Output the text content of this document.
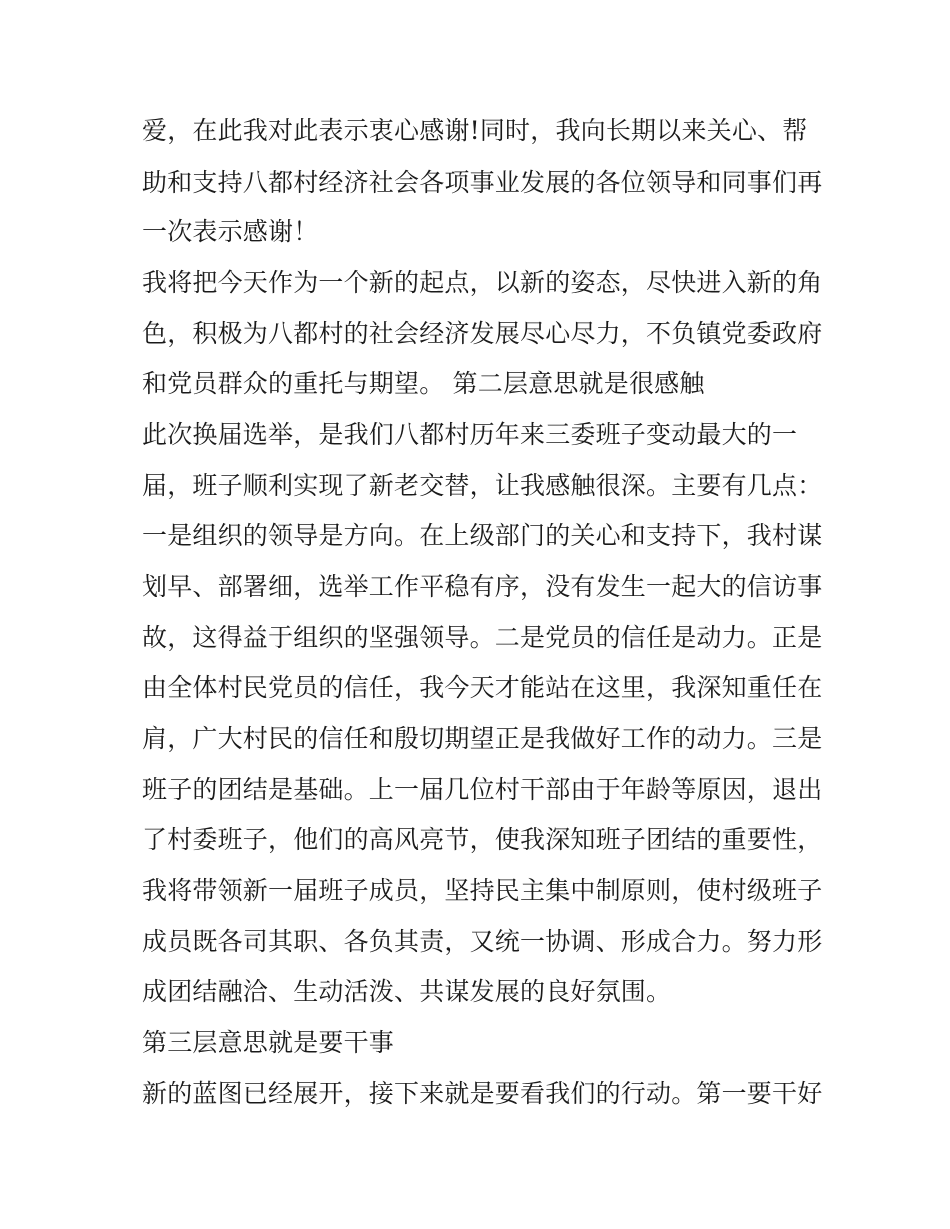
爱，在此我对此表示衷心感谢!同时，我向长期以来关心、帮
助和支持八都村经济社会各项事业发展的各位领导和同事们再
一次表示感谢！
我将把今天作为一个新的起点，以新的姿态，尽快进入新的角
色，积极为八都村的社会经济发展尽心尽力，不负镇党委政府
和党员群众的重托与期望。 第二层意思就是很感触
此次换届选举，是我们八都村历年来三委班子变动最大的一
届，班子顺利实现了新老交替，让我感触很深。主要有几点：
一是组织的领导是方向。在上级部门的关心和支持下，我村谋
划早、部署细，选举工作平稳有序，没有发生一起大的信访事
故，这得益于组织的坚强领导。二是党员的信任是动力。正是
由全体村民党员的信任，我今天才能站在这里，我深知重任在
肩，广大村民的信任和殷切期望正是我做好工作的动力。三是
班子的团结是基础。上一届几位村干部由于年龄等原因，退出
了村委班子，他们的高风亮节，使我深知班子团结的重要性，
我将带领新一届班子成员，坚持民主集中制原则，使村级班子
成员既各司其职、各负其责，又统一协调、形成合力。努力形
成团结融洽、生动活泼、共谋发展的良好氛围。
第三层意思就是要干事
新的蓝图已经展开，接下来就是要看我们的行动。第一要干好
